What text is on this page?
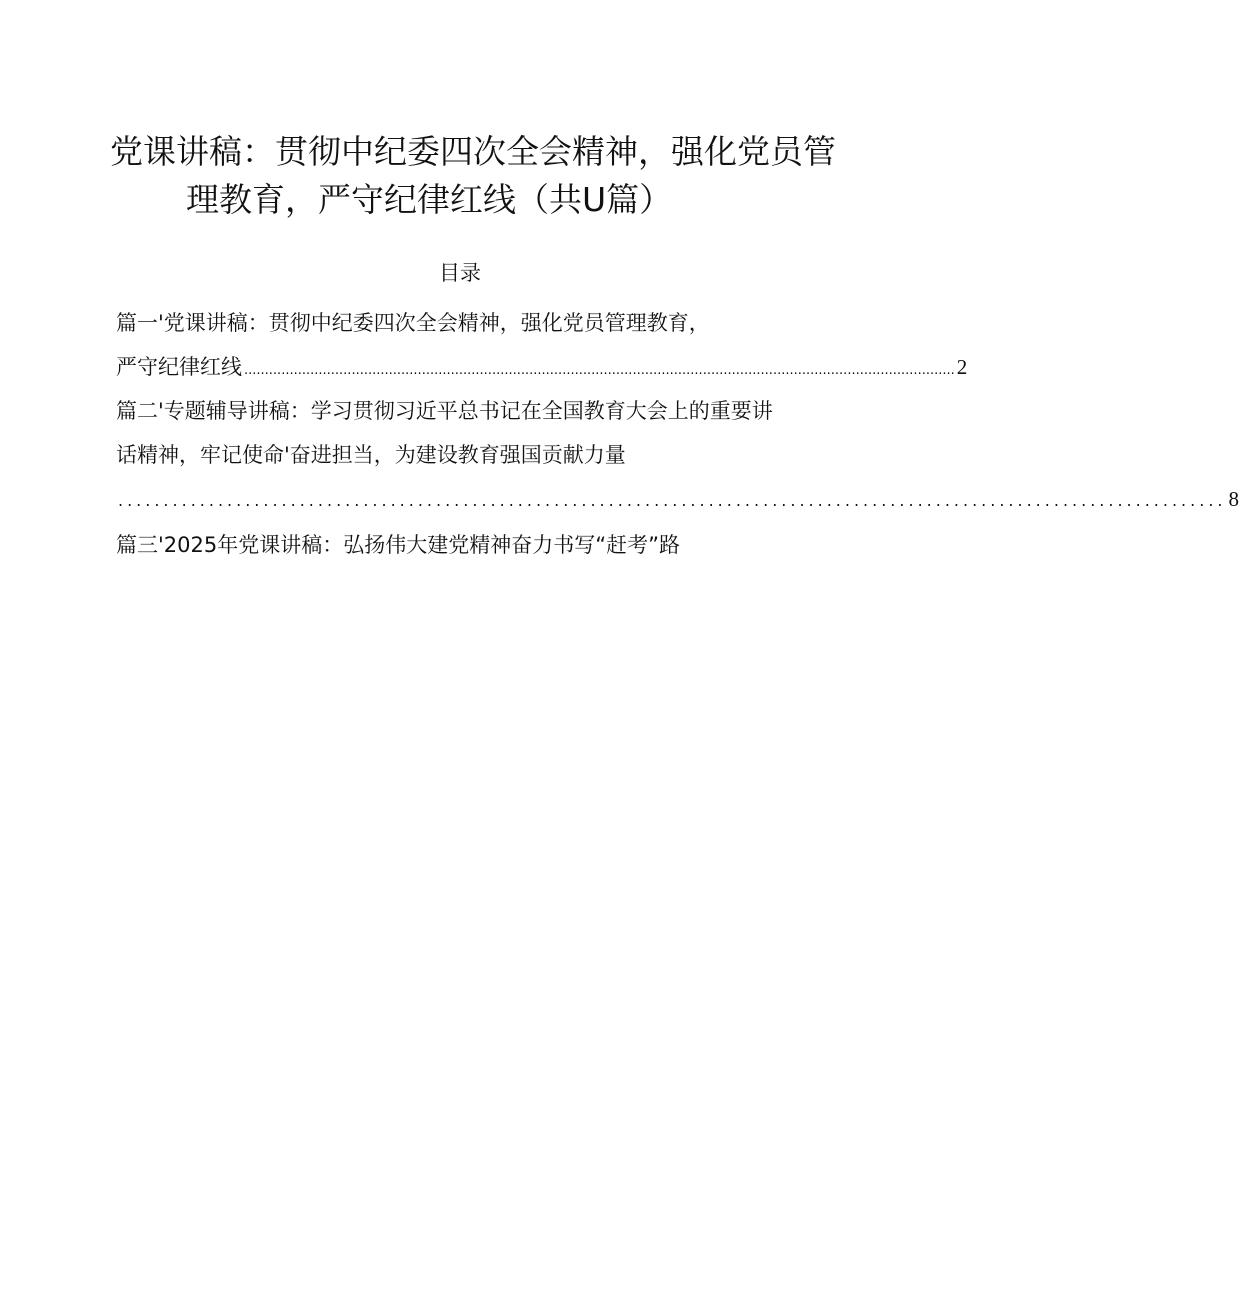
党课讲稿：贯彻中纪委四次全会精神，强化党员管
理教育，严守纪律红线（共U篇）
目录
篇一'党课讲稿：贯彻中纪委四次全会精神，强化党员管理教育，
严守纪律红线 ............................................................................................................................................................................ 2
篇二'专题辅导讲稿：学习贯彻习近平总书记在全国教育大会上的重要讲
话精神，牢记使命'奋进担当，为建设教育强国贡献力量
.......................................................................................................................... 8
篇三'2025年党课讲稿：弘扬伟大建党精神奋力书写“赶考”路
